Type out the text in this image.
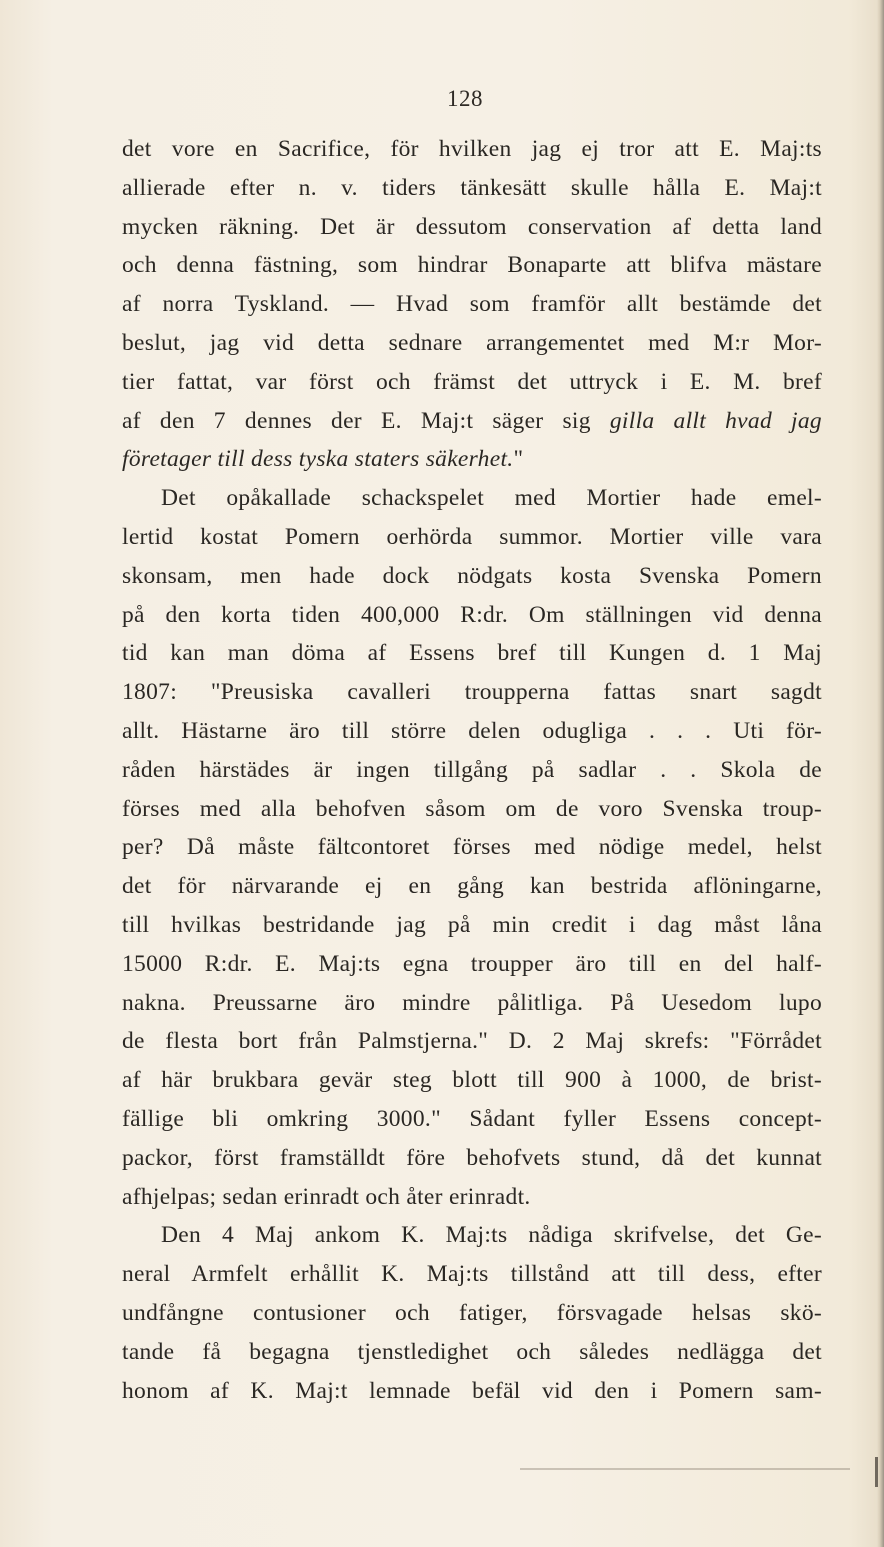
128
det vore en Sacrifice, för hvilken jag ej tror att E. Maj:ts
allierade efter n. v. tiders tänkesätt skulle hålla E. Maj:t
mycken räkning. Det är dessutom conservation af detta land
och denna fästning, som hindrar Bonaparte att blifva mästare
af norra Tyskland. — Hvad som framför allt bestämde det
beslut, jag vid detta sednare arrangementet med M:r Mor-
tier fattat, var först och främst det uttryck i E. M. bref
af den 7 dennes der E. Maj:t säger sig gilla allt hvad jag
företager till dess tyska staters säkerhet."
Det opåkallade schackspelet med Mortier hade emel-
lertid kostat Pomern oerhörda summor. Mortier ville vara
skonsam, men hade dock nödgats kosta Svenska Pomern
på den korta tiden 400,000 R:dr. Om ställningen vid denna
tid kan man döma af Essens bref till Kungen d. 1 Maj
1807: "Preusiska cavalleri troupperna fattas snart sagdt
allt. Hästarne äro till större delen odugliga . . . Uti för-
råden härstädes är ingen tillgång på sadlar . . Skola de
förses med alla behofven såsom om de voro Svenska troup-
per? Då måste fältcontoret förses med nödige medel, helst
det för närvarande ej en gång kan bestrida aflöningarne,
till hvilkas bestridande jag på min credit i dag måst låna
15000 R:dr. E. Maj:ts egna troupper äro till en del half-
nakna. Preussarne äro mindre pålitliga. På Uesedom lupo
de flesta bort från Palmstjerna." D. 2 Maj skrefs: "Förrådet
af här brukbara gevär steg blott till 900 à 1000, de brist-
fällige bli omkring 3000." Sådant fyller Essens concept-
packor, först framställdt före behofvets stund, då det kunnat
afhjelpas; sedan erinradt och åter erinradt.
Den 4 Maj ankom K. Maj:ts nådiga skrifvelse, det Ge-
neral Armfelt erhållit K. Maj:ts tillstånd att till dess, efter
undfångne contusioner och fatiger, försvagade helsas skö-
tande få begagna tjenstledighet och således nedlägga det
honom af K. Maj:t lemnade befäl vid den i Pomern sam-
